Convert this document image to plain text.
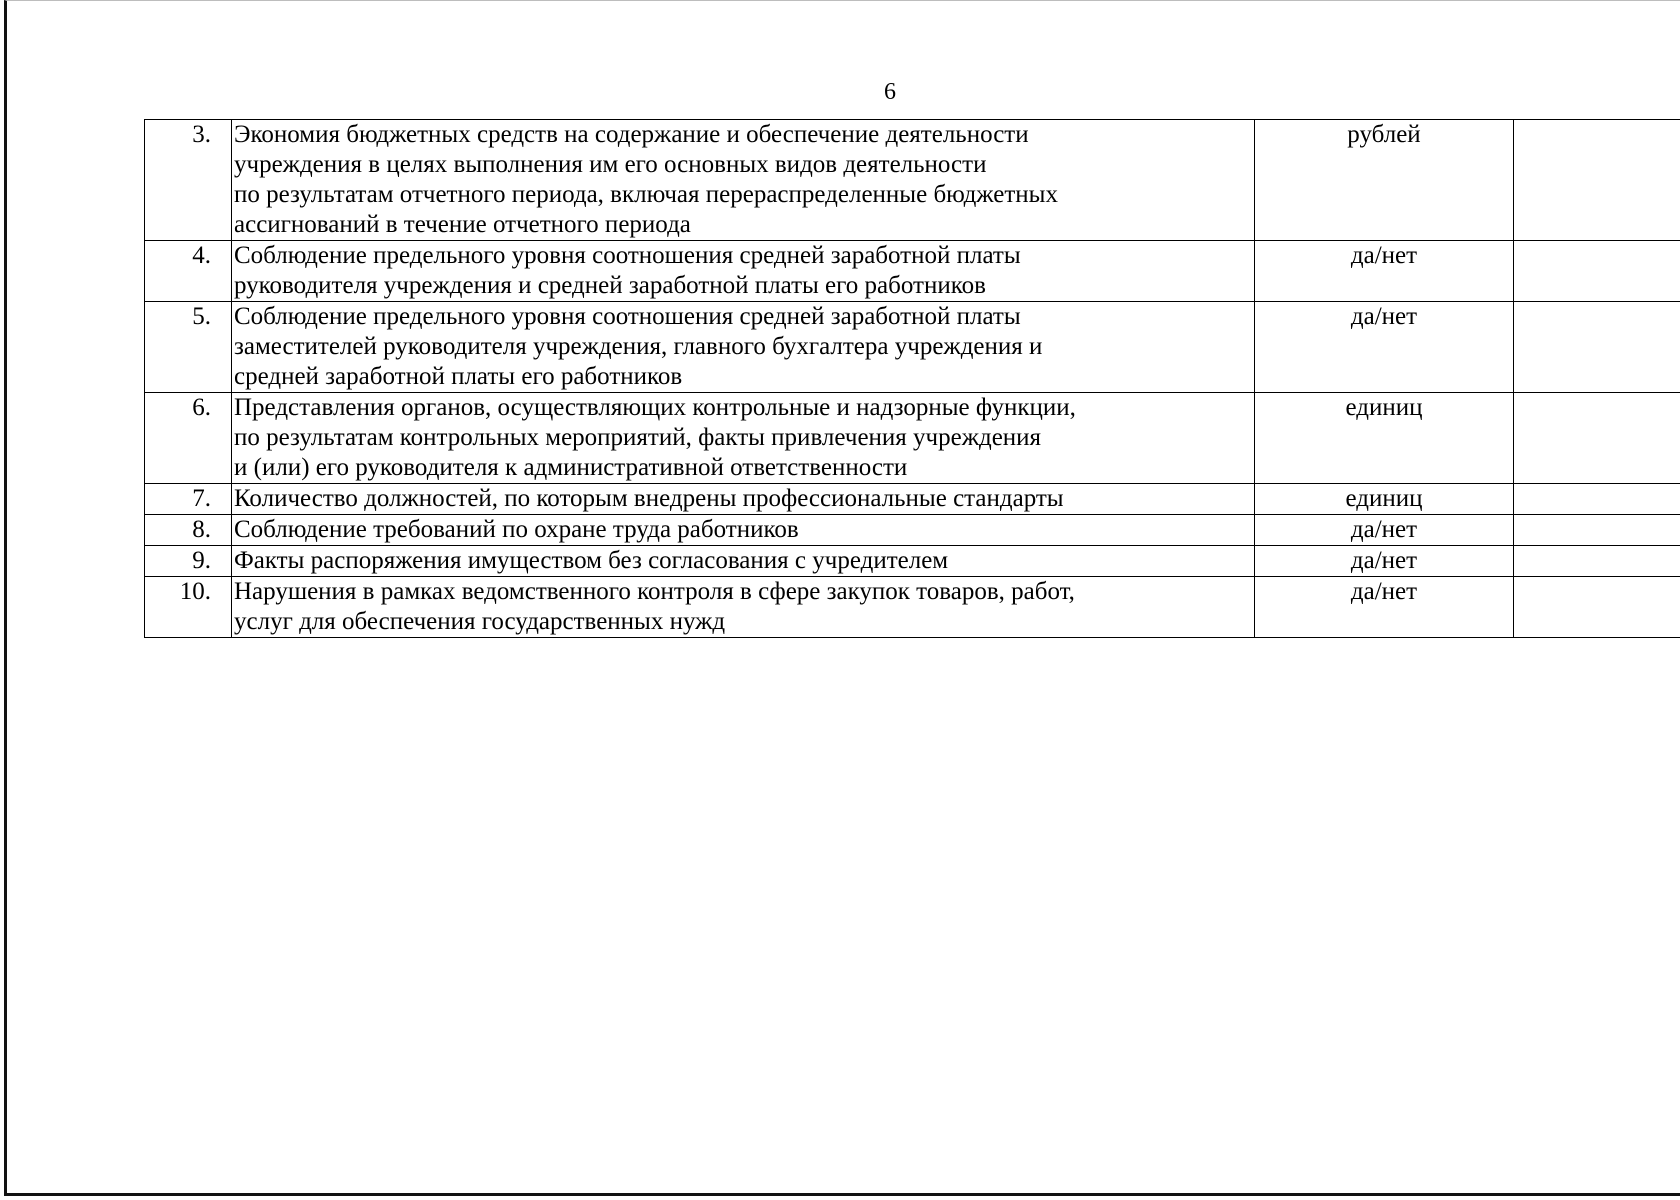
6
3.	Экономия бюджетных средств на содержание и обеспечение деятельности
учреждения в целях выполнения им его основных видов деятельности
по результатам отчетного периода, включая перераспределенные бюджетных
ассигнований в течение отчетного периода	рублей	
4.	Соблюдение предельного уровня соотношения средней заработной платы
руководителя учреждения и средней заработной платы его работников	да/нет	
5.	Соблюдение предельного уровня соотношения средней заработной платы
заместителей руководителя учреждения, главного бухгалтера учреждения и
средней заработной платы его работников	да/нет	
6.	Представления органов, осуществляющих контрольные и надзорные функции,
по результатам контрольных мероприятий, факты привлечения учреждения
и (или) его руководителя к административной ответственности	единиц	
7.	Количество должностей, по которым внедрены профессиональные стандарты	единиц	
8.	Соблюдение требований по охране труда работников	да/нет	
9.	Факты распоряжения имуществом без согласования с учредителем	да/нет	
10.	Нарушения в рамках ведомственного контроля в сфере закупок товаров, работ,
услуг для обеспечения государственных нужд	да/нет	
